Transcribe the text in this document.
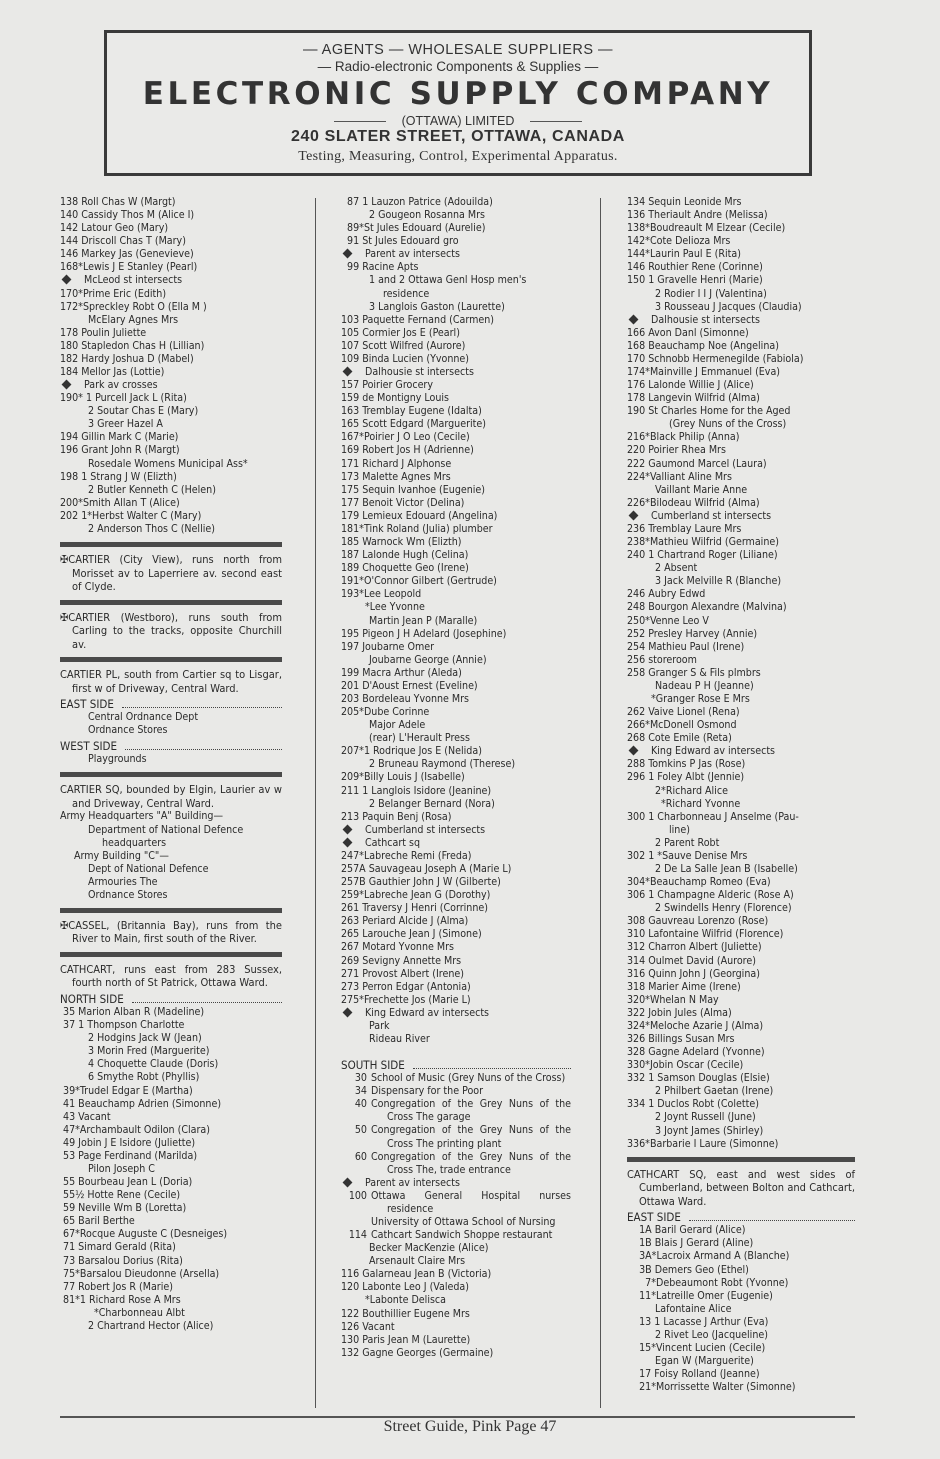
— AGENTS — WHOLESALE SUPPLIERS —
— Radio-electronic Components & Supplies —
ELECTRONIC SUPPLY COMPANY
(OTTAWA) LIMITED
240 SLATER STREET, OTTAWA, CANADA
Testing, Measuring, Control, Experimental Apparatus.
138 Roll Chas W (Margt)
140 Cassidy Thos M (Alice I)
142 Latour Geo (Mary)
144 Driscoll Chas T (Mary)
146 Markey Jas (Genevieve)
168*Lewis J E Stanley (Pearl)
McLeod st intersects
170*Prime Eric (Edith)
172*Spreckley Robt O (Ella M )
McElary Agnes Mrs
178 Poulin Juliette
180 Stapledon Chas H (Lillian)
182 Hardy Joshua D (Mabel)
184 Mellor Jas (Lottie)
Park av crosses
190* 1 Purcell Jack L (Rita)
2 Soutar Chas E (Mary)
3 Greer Hazel A
194 Gillin Mark C (Marie)
196 Grant John R (Margt)
Rosedale Womens Municipal Ass*
198 1 Strang J W (Elizth)
2 Butler Kenneth C (Helen)
200*Smith Allan T (Alice)
202 1*Herbst Walter C (Mary)
2 Anderson Thos C (Nellie)
✠CARTIER (City View), runs north from Morisset av to Laperriere av. second east of Clyde.
✠CARTIER (Westboro), runs south from Carling to the tracks, opposite Churchill av.
CARTIER PL, south from Cartier sq to Lisgar, first w of Driveway, Central Ward.
EAST SIDE
Central Ordnance Dept
Ordnance Stores
WEST SIDE
Playgrounds
CARTIER SQ, bounded by Elgin, Laurier av w and Driveway, Central Ward.
Army Headquarters "A" Building—
Department of National Defence
headquarters
Army Building "C"—
Dept of National Defence
Armouries The
Ordnance Stores
✠CASSEL, (Britannia Bay), runs from the River to Main, first south of the River.
CATHCART, runs east from 283 Sussex, fourth north of St Patrick, Ottawa Ward.
NORTH SIDE
35 Marion Alban R (Madeline)
37 1 Thompson Charlotte
2 Hodgins Jack W (Jean)
3 Morin Fred (Marguerite)
4 Choquette Claude (Doris)
6 Smythe Robt (Phyllis)
39*Trudel Edgar E (Martha)
41 Beauchamp Adrien (Simonne)
43 Vacant
47*Archambault Odilon (Clara)
49 Jobin J E Isidore (Juliette)
53 Page Ferdinand (Marilda)
Pilon Joseph C
55 Bourbeau Jean L (Doria)
55½ Hotte Rene (Cecile)
59 Neville Wm B (Loretta)
65 Baril Berthe
67*Rocque Auguste C (Desneiges)
71 Simard Gerald (Rita)
73 Barsalou Dorius (Rita)
75*Barsalou Dieudonne (Arsella)
77 Robert Jos R (Marie)
81*1 Richard Rose A Mrs
*Charbonneau Albt
2 Chartrand Hector (Alice)
87 1 Lauzon Patrice (Adouilda)
2 Gougeon Rosanna Mrs
89*St Jules Edouard (Aurelie)
91 St Jules Edouard gro
Parent av intersects
99 Racine Apts
1 and 2 Ottawa Genl Hosp men's
residence
3 Langlois Gaston (Laurette)
103 Paquette Fernand (Carmen)
105 Cormier Jos E (Pearl)
107 Scott Wilfred (Aurore)
109 Binda Lucien (Yvonne)
Dalhousie st intersects
157 Poirier Grocery
159 de Montigny Louis
163 Tremblay Eugene (Idalta)
165 Scott Edgard (Marguerite)
167*Poirier J O Leo (Cecile)
169 Robert Jos H (Adrienne)
171 Richard J Alphonse
173 Malette Agnes Mrs
175 Sequin Ivanhoe (Eugenie)
177 Benoit Victor (Delina)
179 Lemieux Edouard (Angelina)
181*Tink Roland (Julia) plumber
185 Warnock Wm (Elizth)
187 Lalonde Hugh (Celina)
189 Choquette Geo (Irene)
191*O'Connor Gilbert (Gertrude)
193*Lee Leopold
*Lee Yvonne
Martin Jean P (Maralle)
195 Pigeon J H Adelard (Josephine)
197 Joubarne Omer
Joubarne George (Annie)
199 Macra Arthur (Aleda)
201 D'Aoust Ernest (Eveline)
203 Bordeleau Yvonne Mrs
205*Dube Corinne
Major Adele
(rear) L'Herault Press
207*1 Rodrique Jos E (Nelida)
2 Bruneau Raymond (Therese)
209*Billy Louis J (Isabelle)
211 1 Langlois Isidore (Jeanine)
2 Belanger Bernard (Nora)
213 Paquin Benj (Rosa)
Cumberland st intersects
Cathcart sq
247*Labreche Remi (Freda)
257A Sauvageau Joseph A (Marie L)
257B Gauthier John J W (Gilberte)
259*Labreche Jean G (Dorothy)
261 Traversy J Henri (Corrinne)
263 Periard Alcide J (Alma)
265 Larouche Jean J (Simone)
267 Motard Yvonne Mrs
269 Sevigny Annette Mrs
271 Provost Albert (Irene)
273 Perron Edgar (Antonia)
275*Frechette Jos (Marie L)
King Edward av intersects
Park
Rideau River
SOUTH SIDE
30 School of Music (Grey Nuns of the Cross)
34 Dispensary for the Poor
40 Congregation of the Grey Nuns of the Cross The garage
50 Congregation of the Grey Nuns of the Cross The printing plant
60 Congregation of the Grey Nuns of the Cross The, trade entrance
Parent av intersects
100 Ottawa General Hospital nurses residence
University of Ottawa School of Nursing
114 Cathcart Sandwich Shoppe restaurant
Becker MacKenzie (Alice)
Arsenault Claire Mrs
116 Galarneau Jean B (Victoria)
120 Labonte Leo J (Valeda)
*Labonte Delisca
122 Bouthillier Eugene Mrs
126 Vacant
130 Paris Jean M (Laurette)
132 Gagne Georges (Germaine)
134 Sequin Leonide Mrs
136 Theriault Andre (Melissa)
138*Boudreault M Elzear (Cecile)
142*Cote Delioza Mrs
144*Laurin Paul E (Rita)
146 Routhier Rene (Corinne)
150 1 Gravelle Henri (Marie)
2 Rodier I I J (Valentina)
3 Rousseau J Jacques (Claudia)
Dalhousie st intersects
166 Avon Danl (Simonne)
168 Beauchamp Noe (Angelina)
170 Schnobb Hermenegilde (Fabiola)
174*Mainville J Emmanuel (Eva)
176 Lalonde Willie J (Alice)
178 Langevin Wilfrid (Alma)
190 St Charles Home for the Aged
(Grey Nuns of the Cross)
216*Black Philip (Anna)
220 Poirier Rhea Mrs
222 Gaumond Marcel (Laura)
224*Valliant Aline Mrs
Vaillant Marie Anne
226*Bilodeau Wilfrid (Alma)
Cumberland st intersects
236 Tremblay Laure Mrs
238*Mathieu Wilfrid (Germaine)
240 1 Chartrand Roger (Liliane)
2 Absent
3 Jack Melville R (Blanche)
246 Aubry Edwd
248 Bourgon Alexandre (Malvina)
250*Venne Leo V
252 Presley Harvey (Annie)
254 Mathieu Paul (Irene)
256 storeroom
258 Granger S & Fils plmbrs
Nadeau P H (Jeanne)
*Granger Rose E Mrs
262 Vaive Lionel (Rena)
266*McDonell Osmond
268 Cote Emile (Reta)
King Edward av intersects
288 Tomkins P Jas (Rose)
296 1 Foley Albt (Jennie)
2*Richard Alice
*Richard Yvonne
300 1 Charbonneau J Anselme (Pau-
line)
2 Parent Robt
302 1 *Sauve Denise Mrs
2 De La Salle Jean B (Isabelle)
304*Beauchamp Romeo (Eva)
306 1 Champagne Alderic (Rose A)
2 Swindells Henry (Florence)
308 Gauvreau Lorenzo (Rose)
310 Lafontaine Wilfrid (Florence)
312 Charron Albert (Juliette)
314 Oulmet David (Aurore)
316 Quinn John J (Georgina)
318 Marier Aime (Irene)
320*Whelan N May
322 Jobin Jules (Alma)
324*Meloche Azarie J (Alma)
326 Billings Susan Mrs
328 Gagne Adelard (Yvonne)
330*Jobin Oscar (Cecile)
332 1 Samson Douglas (Elsie)
2 Philbert Gaetan (Irene)
334 1 Duclos Robt (Colette)
2 Joynt Russell (June)
3 Joynt James (Shirley)
336*Barbarie I Laure (Simonne)
CATHCART SQ, east and west sides of Cumberland, between Bolton and Cathcart, Ottawa Ward.
EAST SIDE
1A Baril Gerard (Alice)
1B Blais J Gerard (Aline)
3A*Lacroix Armand A (Blanche)
3B Demers Geo (Ethel)
7*Debeaumont Robt (Yvonne)
11*Latreille Omer (Eugenie)
Lafontaine Alice
13 1 Lacasse J Arthur (Eva)
2 Rivet Leo (Jacqueline)
15*Vincent Lucien (Cecile)
Egan W (Marguerite)
17 Foisy Rolland (Jeanne)
21*Morrissette Walter (Simonne)
Street Guide, Pink Page 47
